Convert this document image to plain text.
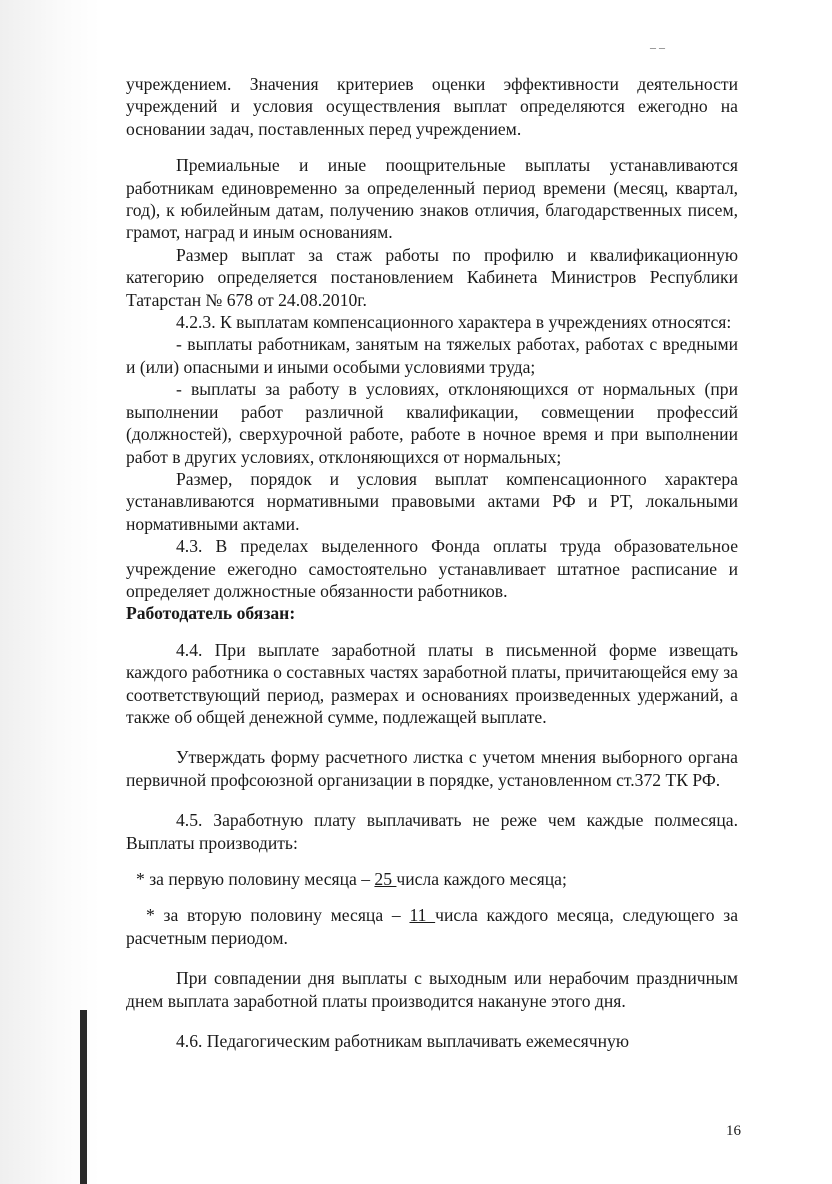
– –

учреждением. Значения критериев оценки эффективности деятельности учреждений и условия осуществления выплат определяются ежегодно на основании задач, поставленных перед учреждением.

Премиальные и иные поощрительные выплаты устанавливаются работникам единовременно за определенный период времени (месяц, квартал, год), к юбилейным датам, получению знаков отличия, благодарственных писем, грамот, наград и иным основаниям.

Размер выплат за стаж работы по профилю и квалификационную категорию определяется постановлением Кабинета Министров Республики Татарстан № 678 от 24.08.2010г.

4.2.3. К выплатам компенсационного характера в учреждениях относятся:

- выплаты работникам, занятым на тяжелых работах, работах с вредными и (или) опасными и иными особыми условиями труда;

- выплаты за работу в условиях, отклоняющихся от нормальных (при выполнении работ различной квалификации, совмещении профессий (должностей), сверхурочной работе, работе в ночное время и при выполнении работ в других условиях, отклоняющихся от нормальных;

Размер, порядок и условия выплат компенсационного характера устанавливаются нормативными правовыми актами РФ и РТ, локальными нормативными актами.

4.3. В пределах выделенного Фонда оплаты труда образовательное учреждение ежегодно самостоятельно устанавливает штатное расписание и определяет должностные обязанности работников.

Работодатель обязан:

4.4. При выплате заработной платы в письменной форме извещать каждого работника о составных частях заработной платы, причитающейся ему за соответствующий период, размерах и основаниях произведенных удержаний, а также об общей денежной сумме, подлежащей выплате.

Утверждать форму расчетного листка с учетом мнения выборного органа первичной профсоюзной организации в порядке, установленном ст.372 ТК РФ.

4.5. Заработную плату выплачивать не реже чем каждые полмесяца. Выплаты производить:

* за первую половину месяца – 25 числа каждого месяца;

* за вторую половину месяца – 11 числа каждого месяца, следующего за расчетным периодом.

При совпадении дня выплаты с выходным или нерабочим праздничным днем выплата заработной платы производится накануне этого дня.

4.6. Педагогическим работникам выплачивать ежемесячную

16
